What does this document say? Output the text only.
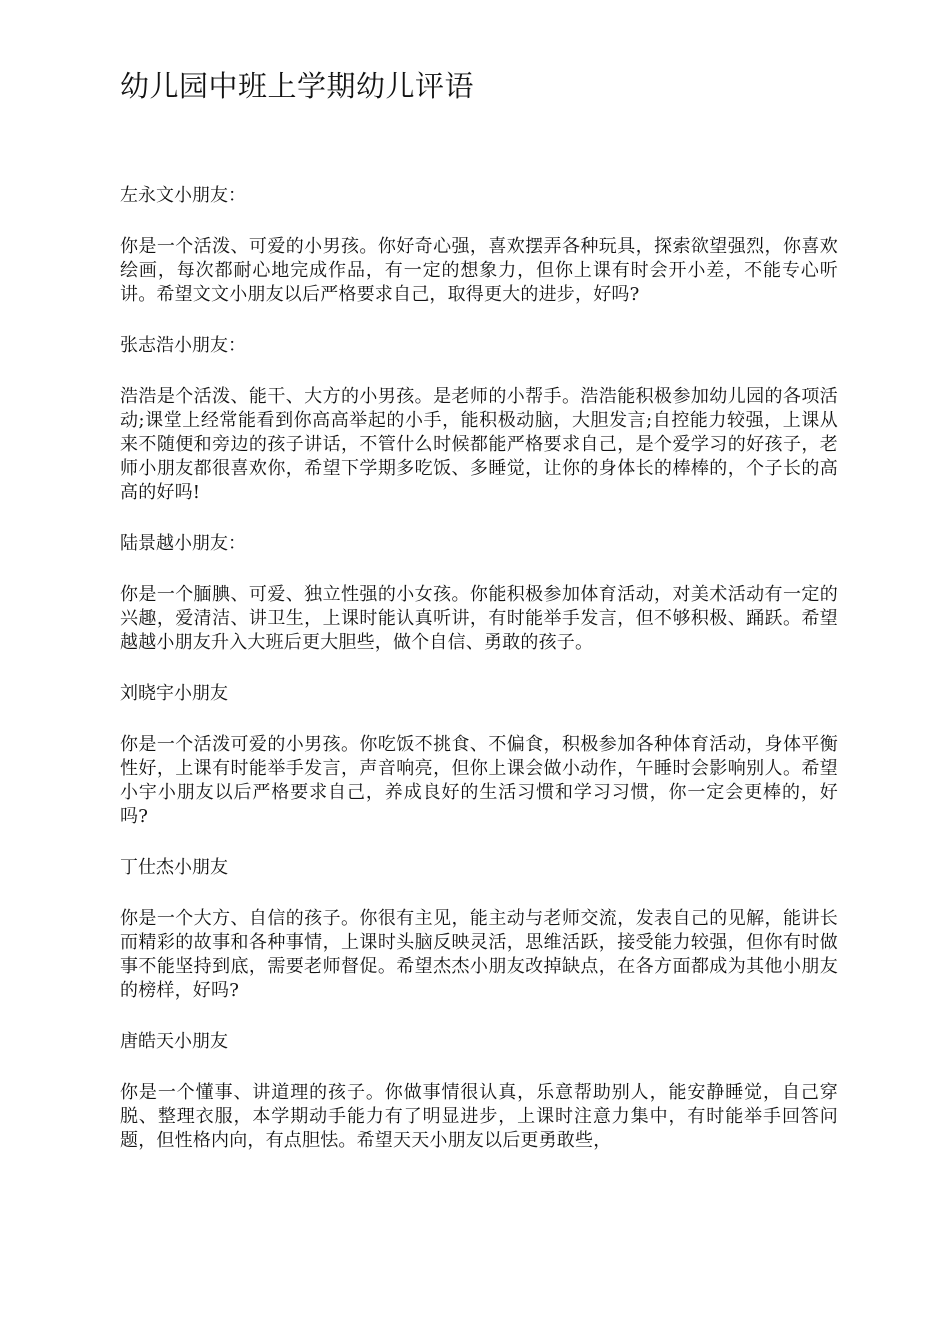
幼儿园中班上学期幼儿评语

左永文小朋友：

你是一个活泼、可爱的小男孩。你好奇心强，喜欢摆弄各种玩具，探索欲望强烈，你喜欢绘画，每次都耐心地完成作品，有一定的想象力，但你上课有时会开小差，不能专心听讲。希望文文小朋友以后严格要求自己，取得更大的进步，好吗?

张志浩小朋友：

浩浩是个活泼、能干、大方的小男孩。是老师的小帮手。浩浩能积极参加幼儿园的各项活动;课堂上经常能看到你高高举起的小手，能积极动脑，大胆发言;自控能力较强，上课从来不随便和旁边的孩子讲话，不管什么时候都能严格要求自己，是个爱学习的好孩子，老师小朋友都很喜欢你，希望下学期多吃饭、多睡觉，让你的身体长的棒棒的，个子长的高高的好吗!

陆景越小朋友：

你是一个腼腆、可爱、独立性强的小女孩。你能积极参加体育活动，对美术活动有一定的兴趣，爱清洁、讲卫生，上课时能认真听讲，有时能举手发言，但不够积极、踊跃。希望越越小朋友升入大班后更大胆些，做个自信、勇敢的孩子。

刘晓宇小朋友

你是一个活泼可爱的小男孩。你吃饭不挑食、不偏食，积极参加各种体育活动，身体平衡性好，上课有时能举手发言，声音响亮，但你上课会做小动作，午睡时会影响别人。希望小宇小朋友以后严格要求自己，养成良好的生活习惯和学习习惯，你一定会更棒的，好吗?

丁仕杰小朋友

你是一个大方、自信的孩子。你很有主见，能主动与老师交流，发表自己的见解，能讲长而精彩的故事和各种事情，上课时头脑反映灵活，思维活跃，接受能力较强，但你有时做事不能坚持到底，需要老师督促。希望杰杰小朋友改掉缺点，在各方面都成为其他小朋友的榜样，好吗?

唐皓天小朋友

你是一个懂事、讲道理的孩子。你做事情很认真，乐意帮助别人，能安静睡觉，自己穿脱、整理衣服，本学期动手能力有了明显进步，上课时注意力集中，有时能举手回答问题，但性格内向，有点胆怯。希望天天小朋友以后更勇敢些，
